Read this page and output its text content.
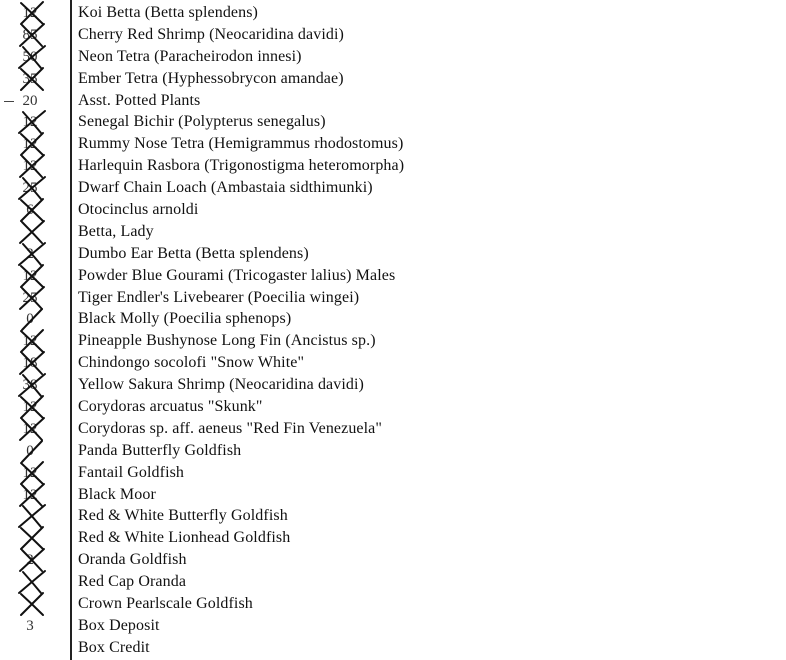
12	Koi Betta (Betta splendens)
85	Cherry Red Shrimp (Neocaridina davidi)
50	Neon Tetra (Paracheirodon innesi)
35	Ember Tetra (Hyphessobrycon amandae)
20	Asst. Potted Plants
12	Senegal Bichir (Polypterus senegalus)
12	Rummy Nose Tetra (Hemigrammus rhodostomus)
12	Harlequin Rasbora (Trigonostigma heteromorpha)
25	Dwarf Chain Loach (Ambastaia sidthimunki)
6	Otocinclus arnoldi
Betta, Lady
2	Dumbo Ear Betta (Betta splendens)
12	Powder Blue Gourami (Tricogaster lalius) Males
25	Tiger Endler's Livebearer (Poecilia wingei)
0	Black Molly (Poecilia sphenops)
12	Pineapple Bushynose Long Fin (Ancistus sp.)
18	Chindongo socolofi "Snow White"
38	Yellow Sakura Shrimp (Neocaridina davidi)
12	Corydoras arcuatus "Skunk"
12	Corydoras sp. aff. aeneus "Red Fin Venezuela"
0	Panda Butterfly Goldfish
12	Fantail Goldfish
12	Black Moor
Red & White Butterfly Goldfish
Red & White Lionhead Goldfish
2	Oranda Goldfish
Red Cap Oranda
Crown Pearlscale Goldfish
3	Box Deposit
Box Credit
